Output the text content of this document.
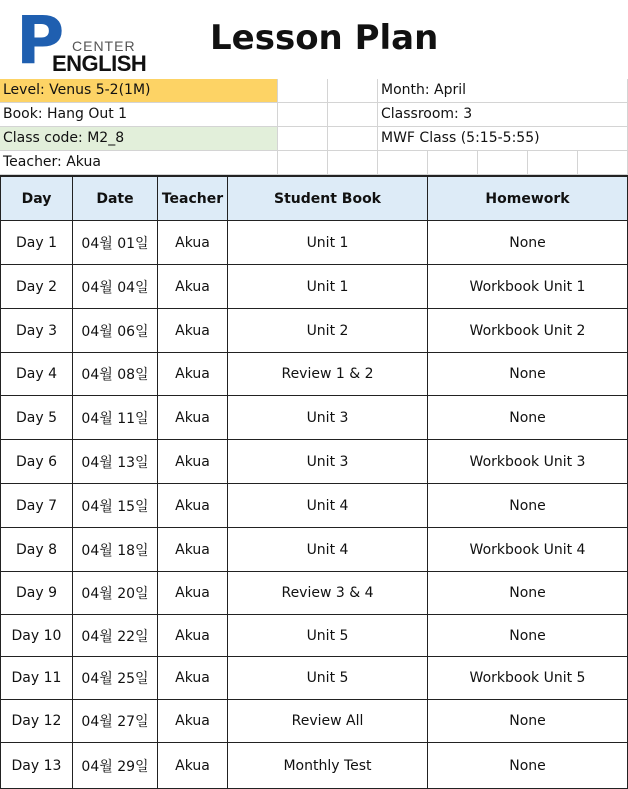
P CENTER
ENGLISH
Lesson Plan
Level: Venus 5-2(1M)	Month: April
Book: Hang Out 1	Classroom: 3
Class code: M2_8	MWF Class (5:15-5:55)
Teacher: Akua
Day	Date	Teacher	Student Book	Homework
Day 1	04월 01일	Akua	Unit 1	None
Day 2	04월 04일	Akua	Unit 1	Workbook Unit 1
Day 3	04월 06일	Akua	Unit 2	Workbook Unit 2
Day 4	04월 08일	Akua	Review 1 & 2	None
Day 5	04월 11일	Akua	Unit 3	None
Day 6	04월 13일	Akua	Unit 3	Workbook Unit 3
Day 7	04월 15일	Akua	Unit 4	None
Day 8	04월 18일	Akua	Unit 4	Workbook Unit 4
Day 9	04월 20일	Akua	Review 3 & 4	None
Day 10	04월 22일	Akua	Unit 5	None
Day 11	04월 25일	Akua	Unit 5	Workbook Unit 5
Day 12	04월 27일	Akua	Review All	None
Day 13	04월 29일	Akua	Monthly Test	None
